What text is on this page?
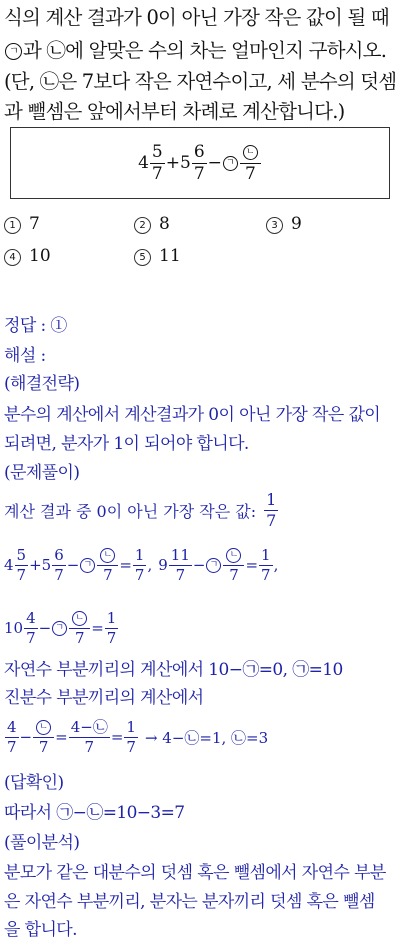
식의 계산 결과가 0이 아닌 가장 작은 값이 될 때
ㄱ 과 ㉡에 알맞은 수의 차는 얼마인지 구하시오.
(단, ㉡은 7보다 작은 자연수이고, 세 분수의 덧셈
과 뺄셈은 앞에서부터 차례로 계산합니다.)
$4 \frac{5}{7} + 5 \frac{6}{7}$ − ㄱ $\frac{\text{ㄴ}}{7}$
1 7	2 8	3 9
4 10	5 11
정답 : ①
해설 :
(해결전략)
분수의 계산에서 계산결과가 0이 아닌 가장 작은 값이
되려면, 분자가 1이 되어야 합니다.
(문제풀이)
계산 결과 중 0이 아닌 가장 작은 값: $\frac{1}{7}$
$4 \frac{5}{7} +5 \frac{6}{7}$ − ㄱ $\frac{\text{ㄴ}}{7} = \frac{1}{7}$ , $9 \frac{11}{7}$ − ㄱ $\frac{\text{ㄴ}}{7} = \frac{1}{7}$ ,
$10 \frac{4}{7}$ − ㄱ $\frac{\text{ㄴ}}{7} = \frac{1}{7}$
자연수 부분끼리의 계산에서 10−㉠=0, ㉠=10
진분수 부분끼리의 계산에서
$\frac{4}{7} - \frac{\text{ㄴ}}{7} = \frac{4-㉡}{7} = \frac{1}{7}$ → 4−㉡=1, ㉡=3
(답확인)
따라서 ㉠−㉡=10−3=7
(풀이분석)
분모가 같은 대분수의 덧셈 혹은 뺄셈에서 자연수 부분
은 자연수 부분끼리, 분자는 분자끼리 덧셈 혹은 뺄셈
을 합니다.
